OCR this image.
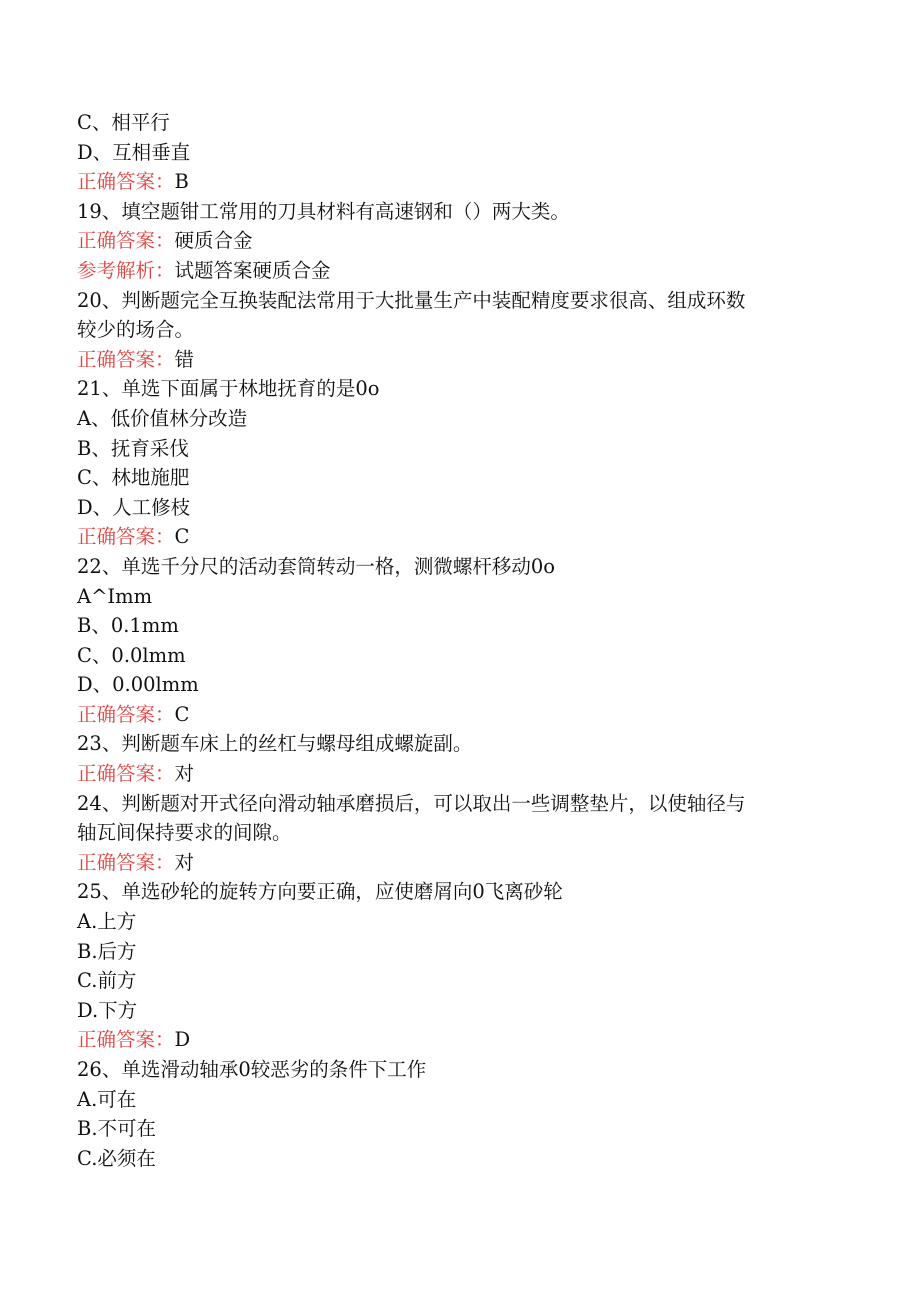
C、相平行
D、互相垂直
正确答案：B
19、填空题钳工常用的刀具材料有高速钢和（）两大类。
正确答案：硬质合金
参考解析：试题答案硬质合金
20、判断题完全互换装配法常用于大批量生产中装配精度要求很高、组成环数
较少的场合。
正确答案：错
21、单选下面属于林地抚育的是0o
A、低价值林分改造
B、抚育采伐
C、林地施肥
D、人工修枝
正确答案：C
22、单选千分尺的活动套筒转动一格，测微螺杆移动0o
A^Imm
B、0.1mm
C、0.0lmm
D、0.00lmm
正确答案：C
23、判断题车床上的丝杠与螺母组成螺旋副。
正确答案：对
24、判断题对开式径向滑动轴承磨损后，可以取出一些调整垫片，以使轴径与
轴瓦间保持要求的间隙。
正确答案：对
25、单选砂轮的旋转方向要正确，应使磨屑向0飞离砂轮
A.上方
B.后方
C.前方
D.下方
正确答案：D
26、单选滑动轴承0较恶劣的条件下工作
A.可在
B.不可在
C.必须在
